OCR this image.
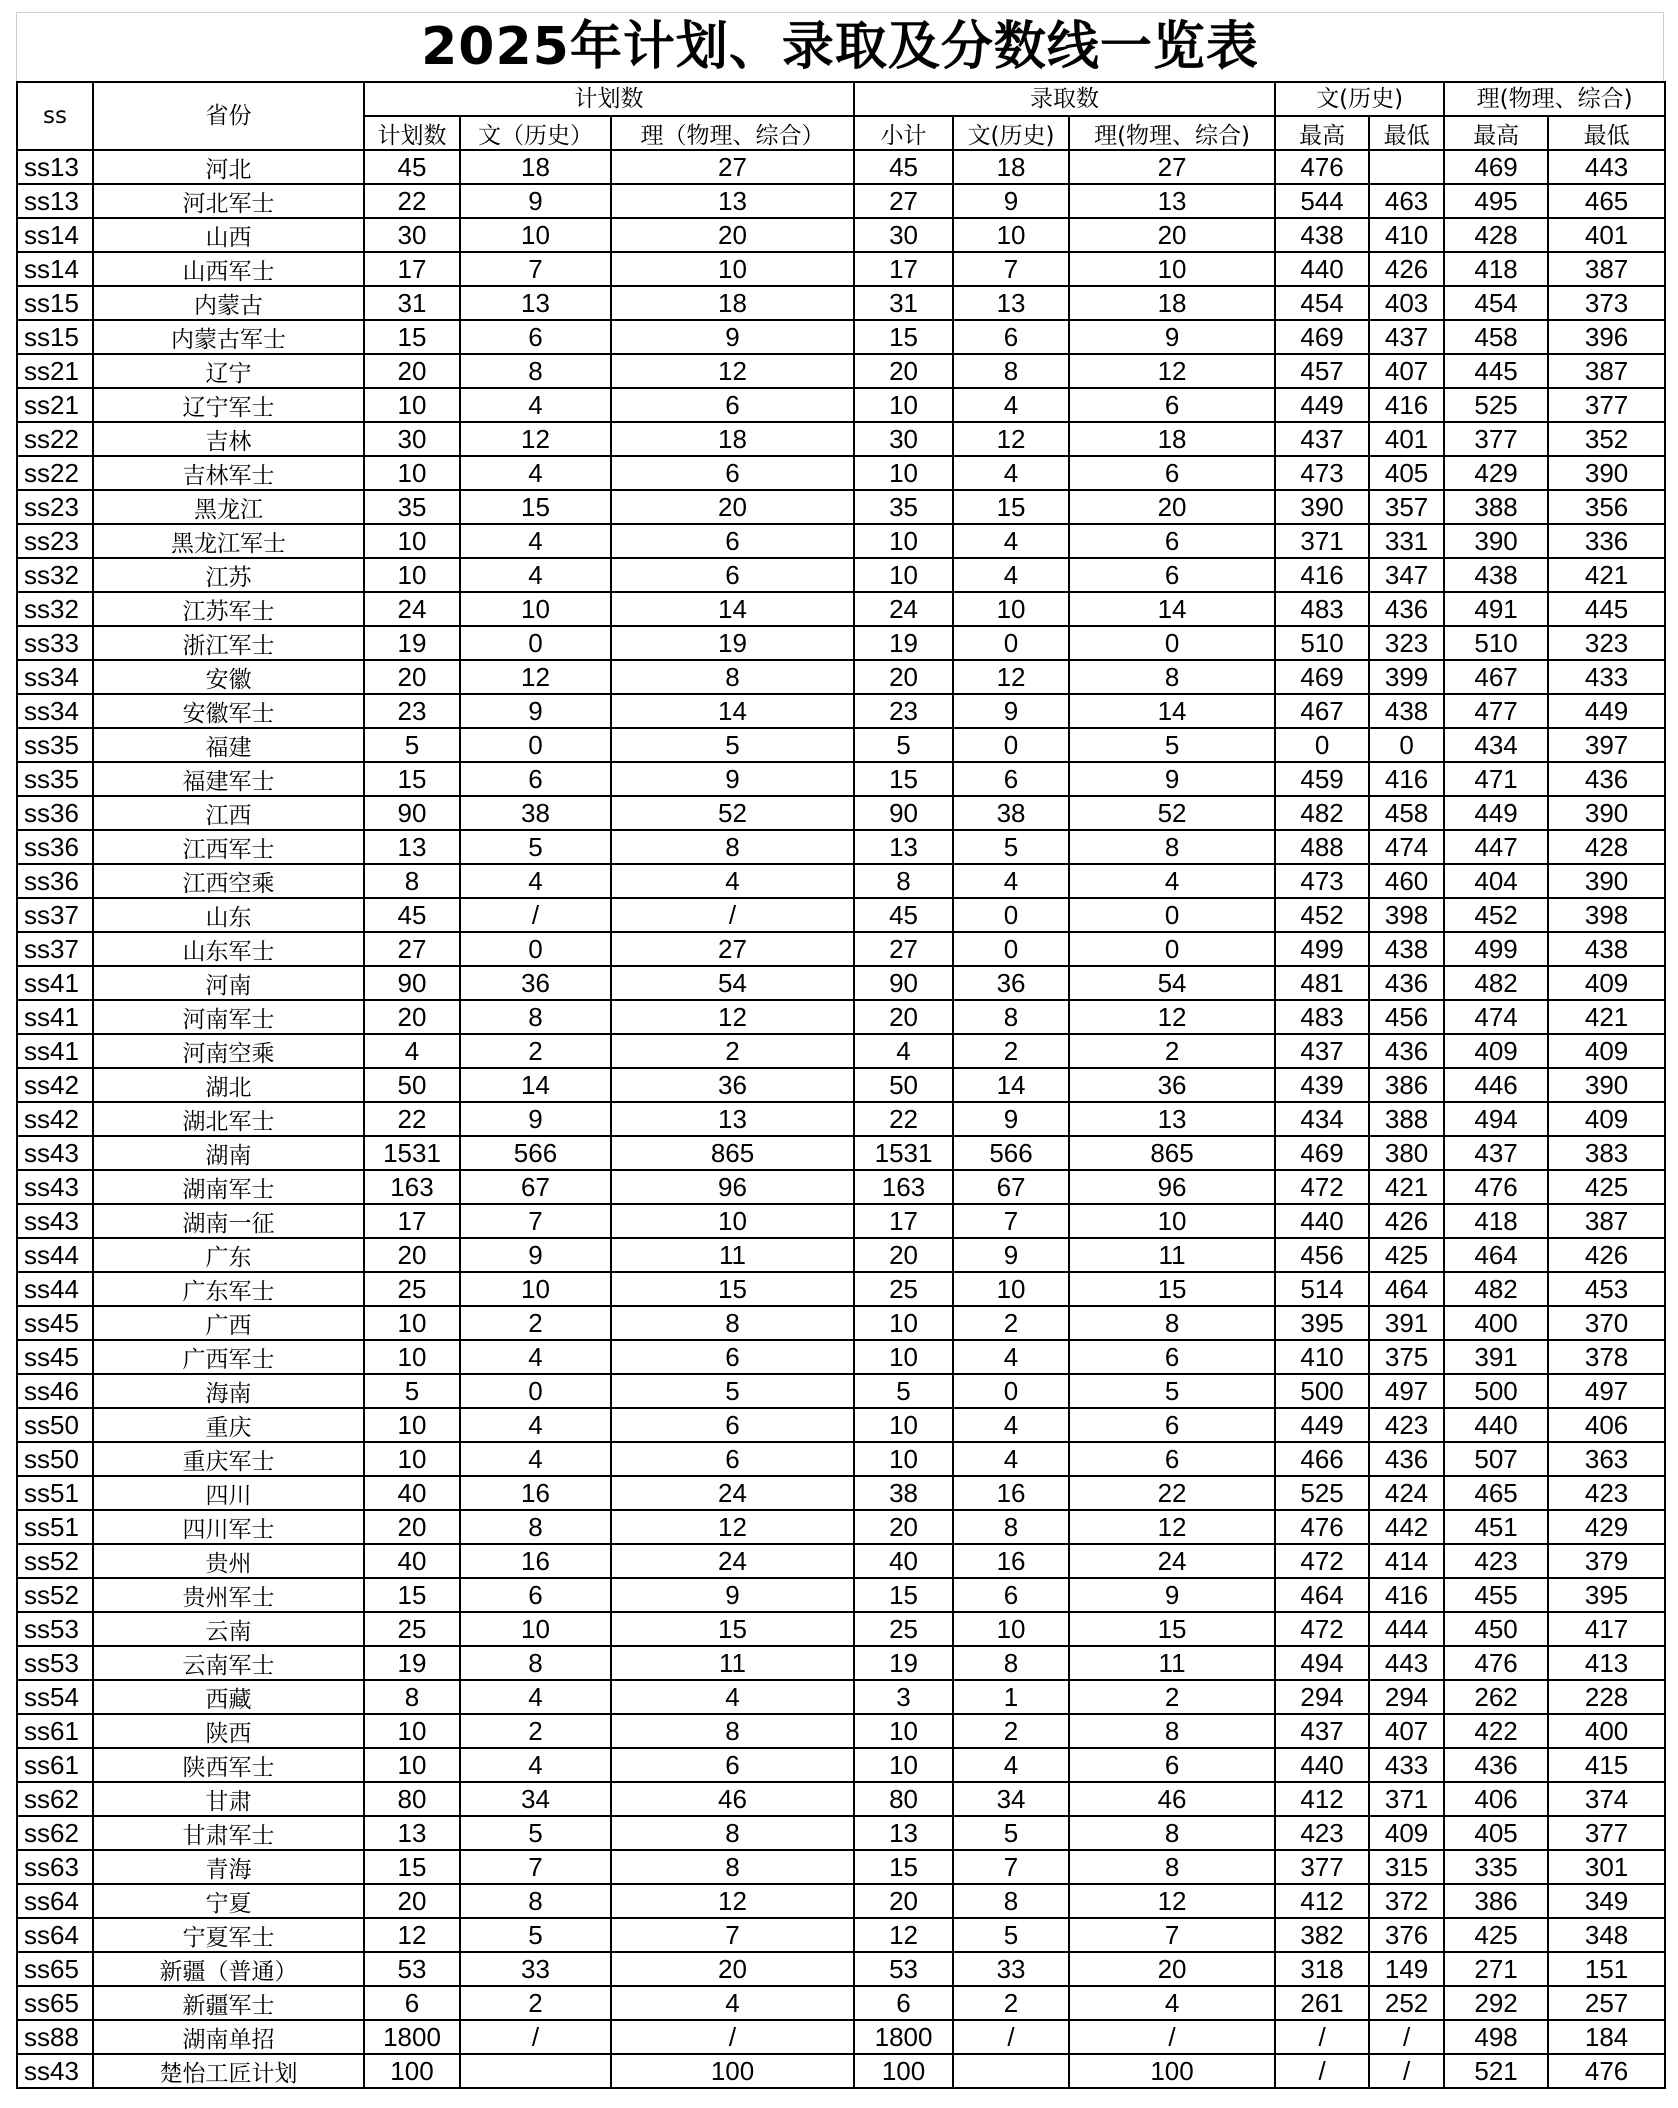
2025年计划、录取及分数线一览表
ss	省份	计划数			录取数			文(历史)		理(物理、综合)	
		计划数	文（历史）	理（物理、综合）	小计	文(历史)	理(物理、综合)	最高	最低	最高	最低
ss13	河北	45	18	27	45	18	27	476		469	443
ss13	河北军士	22	9	13	27	9	13	544	463	495	465
ss14	山西	30	10	20	30	10	20	438	410	428	401
ss14	山西军士	17	7	10	17	7	10	440	426	418	387
ss15	内蒙古	31	13	18	31	13	18	454	403	454	373
ss15	内蒙古军士	15	6	9	15	6	9	469	437	458	396
ss21	辽宁	20	8	12	20	8	12	457	407	445	387
ss21	辽宁军士	10	4	6	10	4	6	449	416	525	377
ss22	吉林	30	12	18	30	12	18	437	401	377	352
ss22	吉林军士	10	4	6	10	4	6	473	405	429	390
ss23	黑龙江	35	15	20	35	15	20	390	357	388	356
ss23	黑龙江军士	10	4	6	10	4	6	371	331	390	336
ss32	江苏	10	4	6	10	4	6	416	347	438	421
ss32	江苏军士	24	10	14	24	10	14	483	436	491	445
ss33	浙江军士	19	0	19	19	0	0	510	323	510	323
ss34	安徽	20	12	8	20	12	8	469	399	467	433
ss34	安徽军士	23	9	14	23	9	14	467	438	477	449
ss35	福建	5	0	5	5	0	5	0	0	434	397
ss35	福建军士	15	6	9	15	6	9	459	416	471	436
ss36	江西	90	38	52	90	38	52	482	458	449	390
ss36	江西军士	13	5	8	13	5	8	488	474	447	428
ss36	江西空乘	8	4	4	8	4	4	473	460	404	390
ss37	山东	45	/	/	45	0	0	452	398	452	398
ss37	山东军士	27	0	27	27	0	0	499	438	499	438
ss41	河南	90	36	54	90	36	54	481	436	482	409
ss41	河南军士	20	8	12	20	8	12	483	456	474	421
ss41	河南空乘	4	2	2	4	2	2	437	436	409	409
ss42	湖北	50	14	36	50	14	36	439	386	446	390
ss42	湖北军士	22	9	13	22	9	13	434	388	494	409
ss43	湖南	1531	566	865	1531	566	865	469	380	437	383
ss43	湖南军士	163	67	96	163	67	96	472	421	476	425
ss43	湖南一征	17	7	10	17	7	10	440	426	418	387
ss44	广东	20	9	11	20	9	11	456	425	464	426
ss44	广东军士	25	10	15	25	10	15	514	464	482	453
ss45	广西	10	2	8	10	2	8	395	391	400	370
ss45	广西军士	10	4	6	10	4	6	410	375	391	378
ss46	海南	5	0	5	5	0	5	500	497	500	497
ss50	重庆	10	4	6	10	4	6	449	423	440	406
ss50	重庆军士	10	4	6	10	4	6	466	436	507	363
ss51	四川	40	16	24	38	16	22	525	424	465	423
ss51	四川军士	20	8	12	20	8	12	476	442	451	429
ss52	贵州	40	16	24	40	16	24	472	414	423	379
ss52	贵州军士	15	6	9	15	6	9	464	416	455	395
ss53	云南	25	10	15	25	10	15	472	444	450	417
ss53	云南军士	19	8	11	19	8	11	494	443	476	413
ss54	西藏	8	4	4	3	1	2	294	294	262	228
ss61	陕西	10	2	8	10	2	8	437	407	422	400
ss61	陕西军士	10	4	6	10	4	6	440	433	436	415
ss62	甘肃	80	34	46	80	34	46	412	371	406	374
ss62	甘肃军士	13	5	8	13	5	8	423	409	405	377
ss63	青海	15	7	8	15	7	8	377	315	335	301
ss64	宁夏	20	8	12	20	8	12	412	372	386	349
ss64	宁夏军士	12	5	7	12	5	7	382	376	425	348
ss65	新疆（普通）	53	33	20	53	33	20	318	149	271	151
ss65	新疆军士	6	2	4	6	2	4	261	252	292	257
ss88	湖南单招	1800	/	/	1800	/	/	/	/	498	184
ss43	楚怡工匠计划	100		100	100		100	/	/	521	476
